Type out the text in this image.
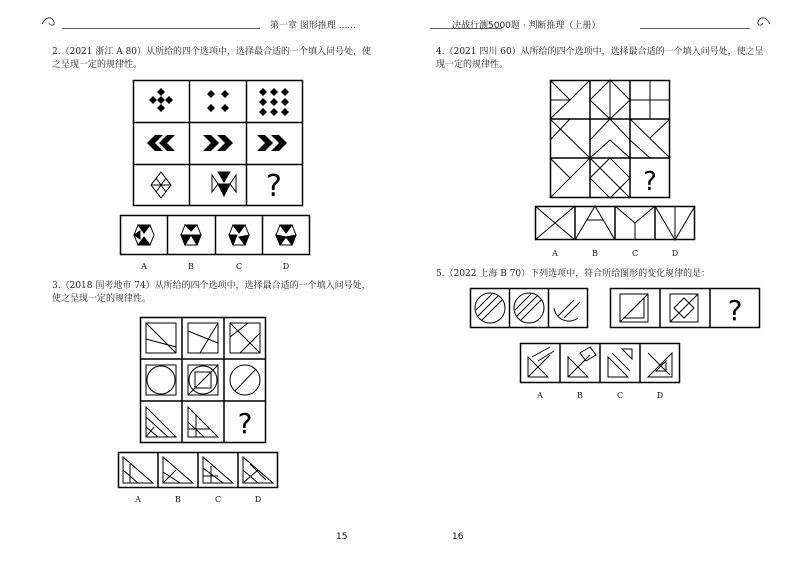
第一章 图形推理 ......
2.（2021 浙江 A 80）从所给的四个选项中，选择最合适的一个填入问号处，使之呈现一定的规律性。
?
A	B	C	D
3.（2018 国考地市 74）从所给的四个选项中，选择最合适的一个填入问号处，使之呈现一定的规律性。
?
A	B	C	D
15
决战行测5000题 · 判断推理（上册）
4.（2021 四川 60）从所给的四个选项中，选择最合适的一个填入问号处，使之呈现一定的规律性。
?
A	B	C	D
5.（2022 上海 B 70）下列选项中，符合所给图形的变化规律的是：
?
A	B	C	D
16
